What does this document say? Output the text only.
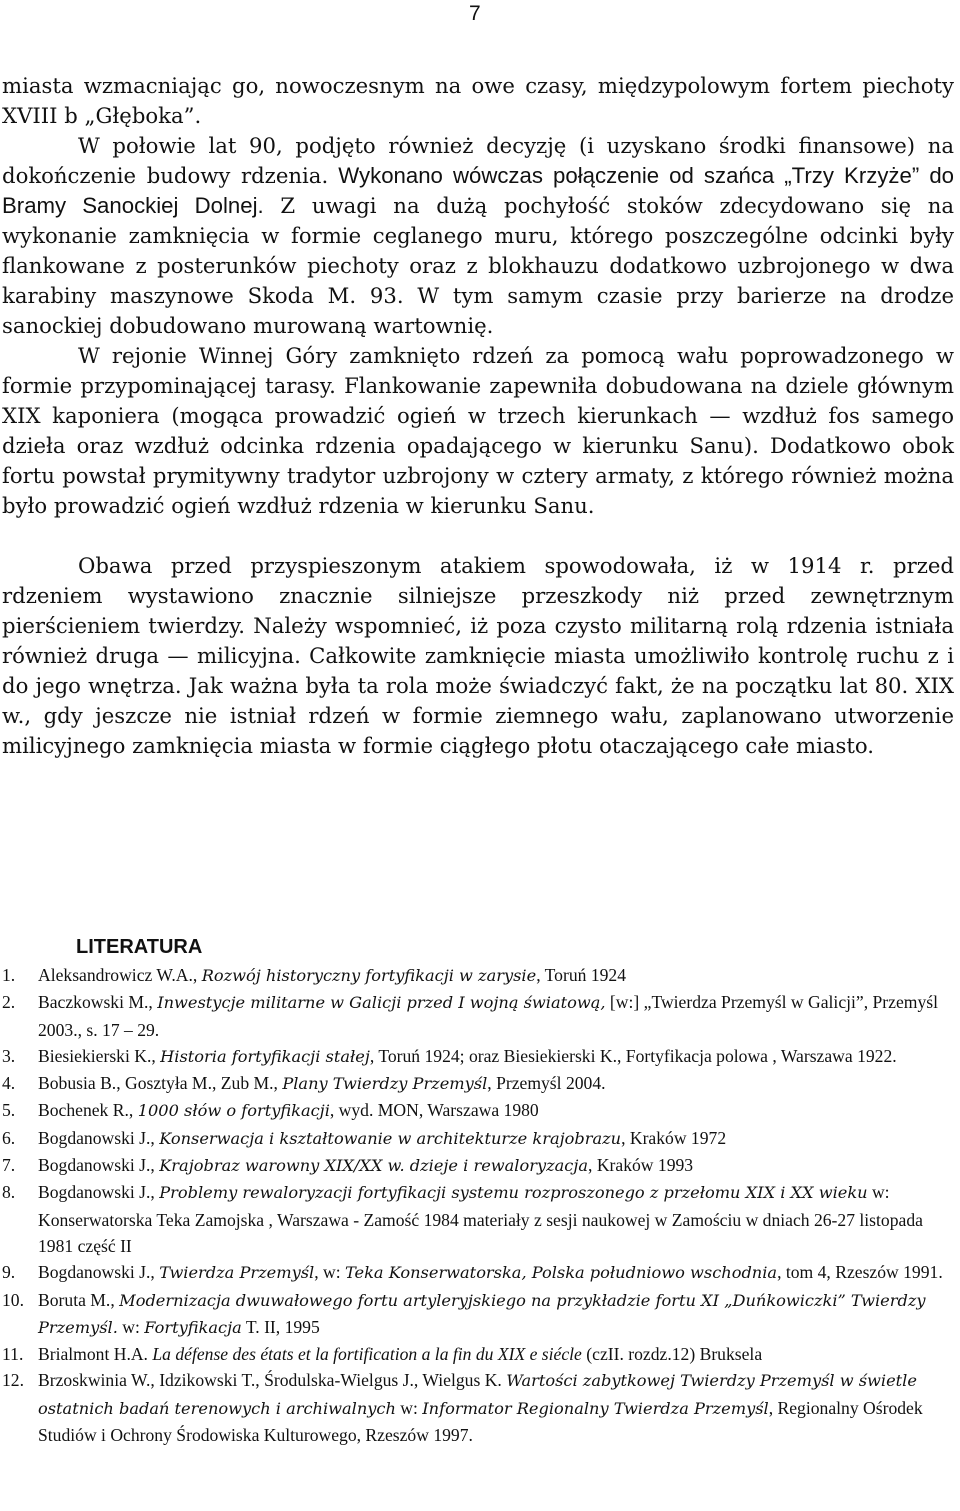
7

miasta wzmacniając go, nowoczesnym na owe czasy, międzypolowym fortem piechoty XVIII b „Głęboka”.

W połowie lat 90, podjęto również decyzję (i uzyskano środki finansowe) na dokończenie budowy rdzenia. Wykonano wówczas połączenie od szańca „Trzy Krzyże” do Bramy Sanockiej Dolnej. Z uwagi na dużą pochyłość stoków zdecydowano się na wykonanie zamknięcia w formie ceglanego muru, którego poszczególne odcinki były flankowane z posterunków piechoty oraz z blokhauzu dodatkowo uzbrojonego w dwa karabiny maszynowe Skoda M. 93. W tym samym czasie przy barierze na drodze sanockiej dobudowano murowaną wartownię.

W rejonie Winnej Góry zamknięto rdzeń za pomocą wału poprowadzonego w formie przypominającej tarasy. Flankowanie zapewniła dobudowana na dziele głównym XIX kaponiera (mogąca prowadzić ogień w trzech kierunkach — wzdłuż fos samego dzieła oraz wzdłuż odcinka rdzenia opadającego w kierunku Sanu). Dodatkowo obok fortu powstał prymitywny tradytor uzbrojony w cztery armaty, z którego również można było prowadzić ogień wzdłuż rdzenia w kierunku Sanu.

Obawa przed przyspieszonym atakiem spowodowała, iż w 1914 r. przed rdzeniem wystawiono znacznie silniejsze przeszkody niż przed zewnętrznym pierścieniem twierdzy. Należy wspomnieć, iż poza czysto militarną rolą rdzenia istniała również druga — milicyjna. Całkowite zamknięcie miasta umożliwiło kontrolę ruchu z i do jego wnętrza. Jak ważna była ta rola może świadczyć fakt, że na początku lat 80. XIX w., gdy jeszcze nie istniał rdzeń w formie ziemnego wału, zaplanowano utworzenie milicyjnego zamknięcia miasta w formie ciągłego płotu otaczającego całe miasto.

LITERATURA
1. Aleksandrowicz W.A., Rozwój historyczny fortyfikacji w zarysie, Toruń 1924
2. Baczkowski M., Inwestycje militarne w Galicji przed I wojną światową, [w:] „Twierdza Przemyśl w Galicji”, Przemyśl 2003., s. 17 – 29.
3. Biesiekierski K., Historia fortyfikacji stałej, Toruń 1924; oraz Biesiekierski K., Fortyfikacja polowa , Warszawa 1922.
4. Bobusia B., Gosztyła M., Zub M., Plany Twierdzy Przemyśl, Przemyśl 2004.
5. Bochenek R., 1000 słów o fortyfikacji, wyd. MON, Warszawa 1980
6. Bogdanowski J., Konserwacja i kształtowanie w architekturze krajobrazu, Kraków 1972
7. Bogdanowski J., Krajobraz warowny XIX/XX w. dzieje i rewaloryzacja, Kraków 1993
8. Bogdanowski J., Problemy rewaloryzacji fortyfikacji systemu rozproszonego z przełomu XIX i XX wieku w: Konserwatorska Teka Zamojska , Warszawa - Zamość 1984 materiały z sesji naukowej w Zamościu w dniach 26-27 listopada 1981 część II
9. Bogdanowski J., Twierdza Przemyśl, w: Teka Konserwatorska, Polska południowo wschodnia, tom 4, Rzeszów 1991.
10. Boruta M., Modernizacja dwuwałowego fortu artyleryjskiego na przykładzie fortu XI „Duńkowiczki” Twierdzy Przemyśl. w: Fortyfikacja T. II, 1995
11. Brialmont H.A. La défense des états et la fortification a la fin du XIX e siécle (czII. rozdz.12) Bruksela
12. Brzoskwinia W., Idzikowski T., Środulska-Wielgus J., Wielgus K. Wartości zabytkowej Twierdzy Przemyśl w świetle ostatnich badań terenowych i archiwalnych w: Informator Regionalny Twierdza Przemyśl, Regionalny Ośrodek Studiów i Ochrony Środowiska Kulturowego, Rzeszów 1997.
